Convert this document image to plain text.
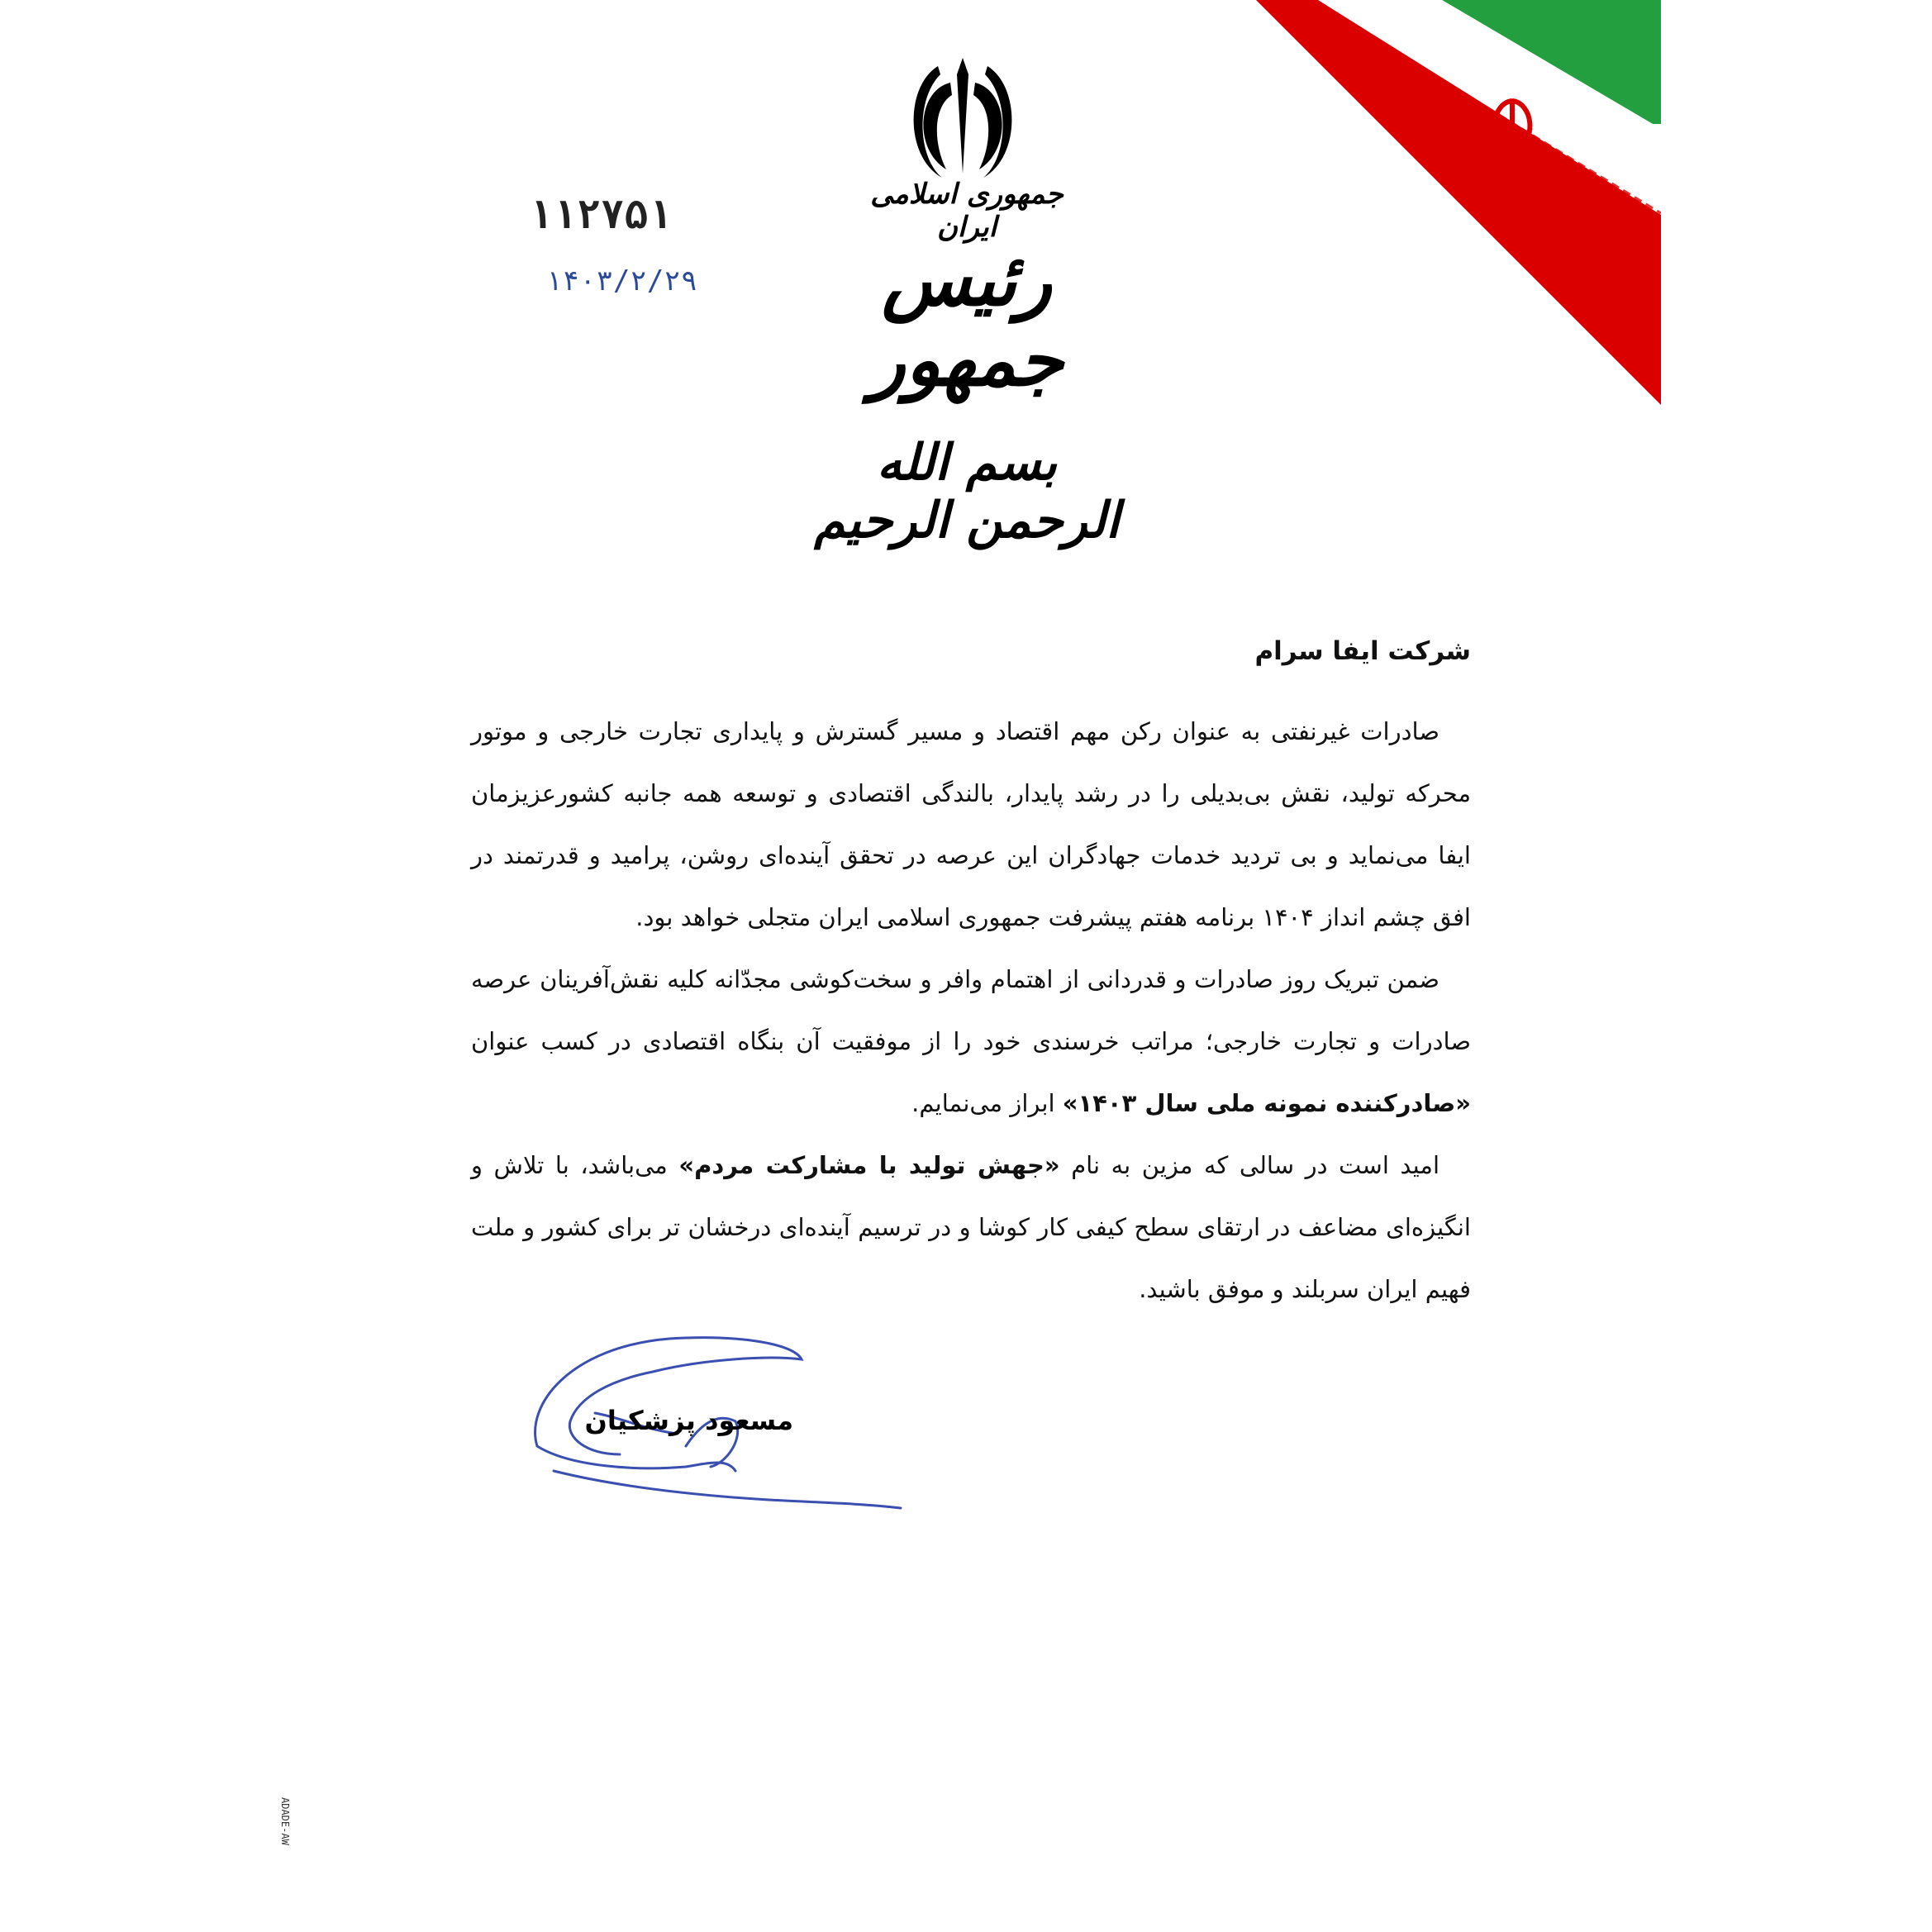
جمهوری اسلامی ایران
رئیس جمهور
۱۱۲۷۵۱
۱۴۰۳/۲/۲۹
بسم الله الرحمن الرحیم
شرکت ایفا سرام

صادرات غیرنفتی به عنوان رکن مهم اقتصاد و مسیر گسترش و پایداری تجارت خارجی و موتور محرکه تولید، نقش بی‌بدیلی را در رشد پایدار، بالندگی اقتصادی و توسعه همه جانبه کشورعزیزمان ایفا می‌نماید و بی تردید خدمات جهادگران این عرصه در تحقق آینده‌ای روشن، پرامید و قدرتمند در افق چشم انداز ۱۴۰۴ برنامه هفتم پیشرفت جمهوری اسلامی ایران متجلی خواهد بود.

ضمن تبریک روز صادرات و قدردانی از اهتمام وافر و سخت‌کوشی مجدّانه کلیه نقش‌آفرینان عرصه صادرات و تجارت خارجی؛ مراتب خرسندی خود را از موفقیت آن بنگاه اقتصادی در کسب عنوان «صادرکننده نمونه ملی سال ۱۴۰۳» ابراز می‌نمایم.

امید است در سالی که مزین به نام «جهش تولید با مشارکت مردم» می‌باشد، با تلاش و انگیزه‌ای مضاعف در ارتقای سطح کیفی کار کوشا و در ترسیم آینده‌ای درخشان تر برای کشور و ملت فهیم ایران سربلند و موفق باشید.

مسعود پزشکیان
ADADE-AW
